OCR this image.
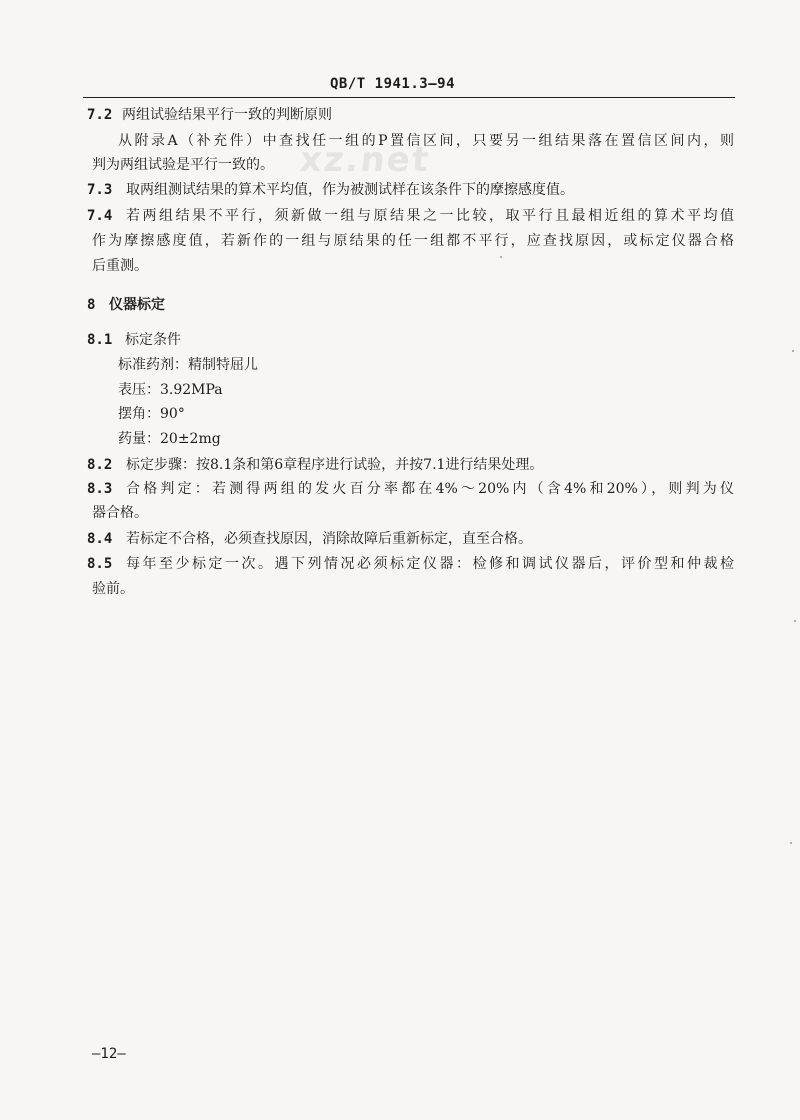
xz.net
QB/T 1941.3—94
7.2 两组试验结果平行一致的判断原则
从附录A（补充件）中查找任一组的P置信区间，只要另一组结果落在置信区间内，则
判为两组试验是平行一致的。
7.3 取两组测试结果的算术平均值，作为被测试样在该条件下的摩擦感度值。
7.4 若两组结果不平行，须新做一组与原结果之一比较，取平行且最相近组的算术平均值
作为摩擦感度值，若新作的一组与原结果的任一组都不平行，应查找原因，或标定仪器合格
后重测。
8 仪器标定
8.1 标定条件
标准药剂：精制特屈儿
表压：3.92MPa
摆角：90°
药量：20±2mg
8.2 标定步骤：按8.1条和第6章程序进行试验，并按7.1进行结果处理。
8.3 合格判定：若测得两组的发火百分率都在4%～20%内（含4%和20%），则判为仪
器合格。
8.4 若标定不合格，必须查找原因，消除故障后重新标定，直至合格。
8.5 每年至少标定一次。遇下列情况必须标定仪器：检修和调试仪器后，评价型和仲裁检
验前。
—12—
